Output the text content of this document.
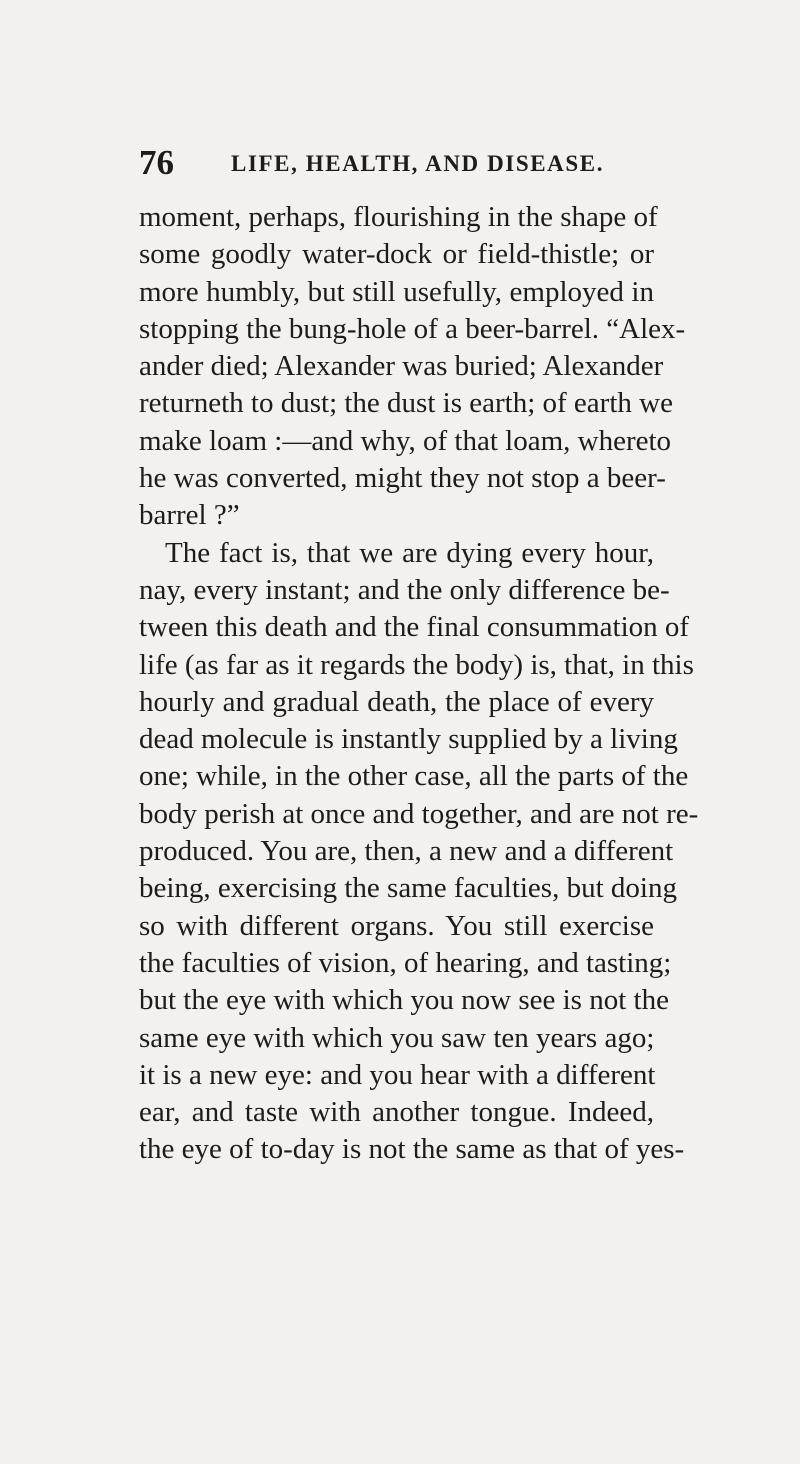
76 LIFE, HEALTH, AND DISEASE.
moment, perhaps, flourishing in the shape of
some goodly water-dock or field-thistle; or
more humbly, but still usefully, employed in
stopping the bung-hole of a beer-barrel. “Alex-
ander died; Alexander was buried; Alexander
returneth to dust; the dust is earth; of earth we
make loam :—and why, of that loam, whereto
he was converted, might they not stop a beer-
barrel ?”
The fact is, that we are dying every hour,
nay, every instant; and the only difference be-
tween this death and the final consummation of
life (as far as it regards the body) is, that, in this
hourly and gradual death, the place of every
dead molecule is instantly supplied by a living
one; while, in the other case, all the parts of the
body perish at once and together, and are not re-
produced. You are, then, a new and a different
being, exercising the same faculties, but doing
so with different organs. You still exercise
the faculties of vision, of hearing, and tasting;
but the eye with which you now see is not the
same eye with which you saw ten years ago;
it is a new eye: and you hear with a different
ear, and taste with another tongue. Indeed,
the eye of to-day is not the same as that of yes-
